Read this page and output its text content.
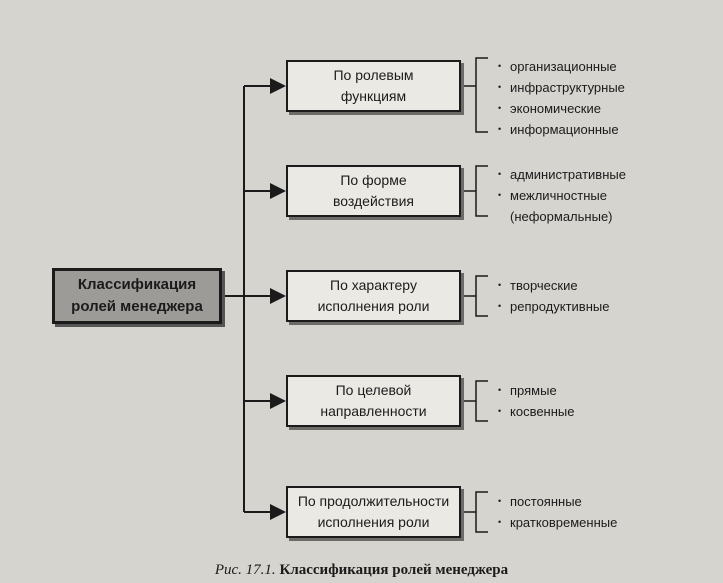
Классификация ролей менеджера
По ролевым
функциям
По форме
воздействия
По характеру
исполнения роли
По целевой
направленности
По продолжительности
исполнения роли
• организационные
• инфраструктурные
• экономические
• информационные
• административные
• межличностные
(неформальные)
• творческие
• репродуктивные
• прямые
• косвенные
• постоянные
• кратковременные
Рис. 17.1. Классификация ролей менеджера
